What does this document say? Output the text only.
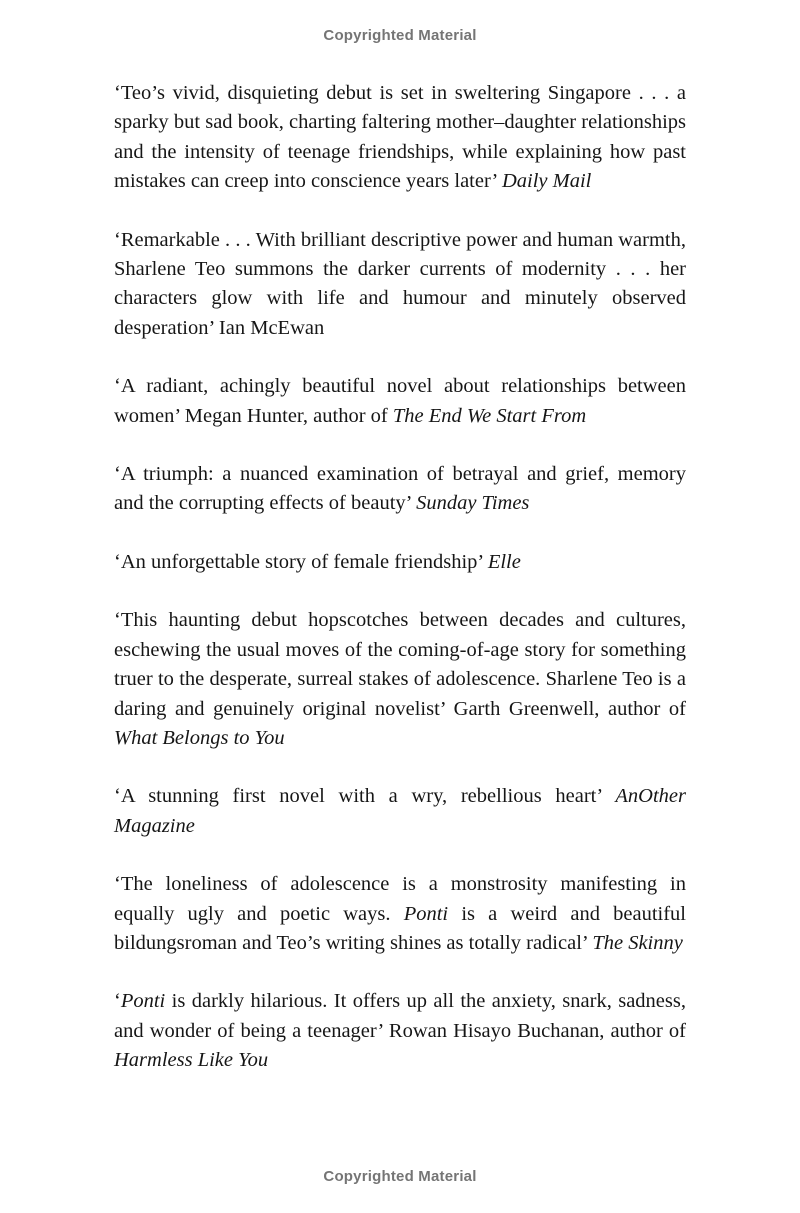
Copyrighted Material

‘Teo’s vivid, disquieting debut is set in sweltering Singapore . . . a sparky but sad book, charting faltering mother–daughter relationships and the intensity of teenage friendships, while explaining how past mistakes can creep into conscience years later’ Daily Mail

‘Remarkable . . . With brilliant descriptive power and human warmth, Sharlene Teo summons the darker currents of modernity . . . her characters glow with life and humour and minutely observed desperation’ Ian McEwan

‘A radiant, achingly beautiful novel about relationships between women’ Megan Hunter, author of The End We Start From

‘A triumph: a nuanced examination of betrayal and grief, memory and the corrupting effects of beauty’ Sunday Times

‘An unforgettable story of female friendship’ Elle

‘This haunting debut hopscotches between decades and cultures, eschewing the usual moves of the coming-of-age story for something truer to the desperate, surreal stakes of adolescence. Sharlene Teo is a daring and genuinely original novelist’ Garth Greenwell, author of What Belongs to You

‘A stunning first novel with a wry, rebellious heart’ AnOther Magazine

‘The loneliness of adolescence is a monstrosity manifesting in equally ugly and poetic ways. Ponti is a weird and beautiful bildungsroman and Teo’s writing shines as totally radical’ The Skinny

‘Ponti is darkly hilarious. It offers up all the anxiety, snark, sadness, and wonder of being a teenager’ Rowan Hisayo Buchanan, author of Harmless Like You

Copyrighted Material
